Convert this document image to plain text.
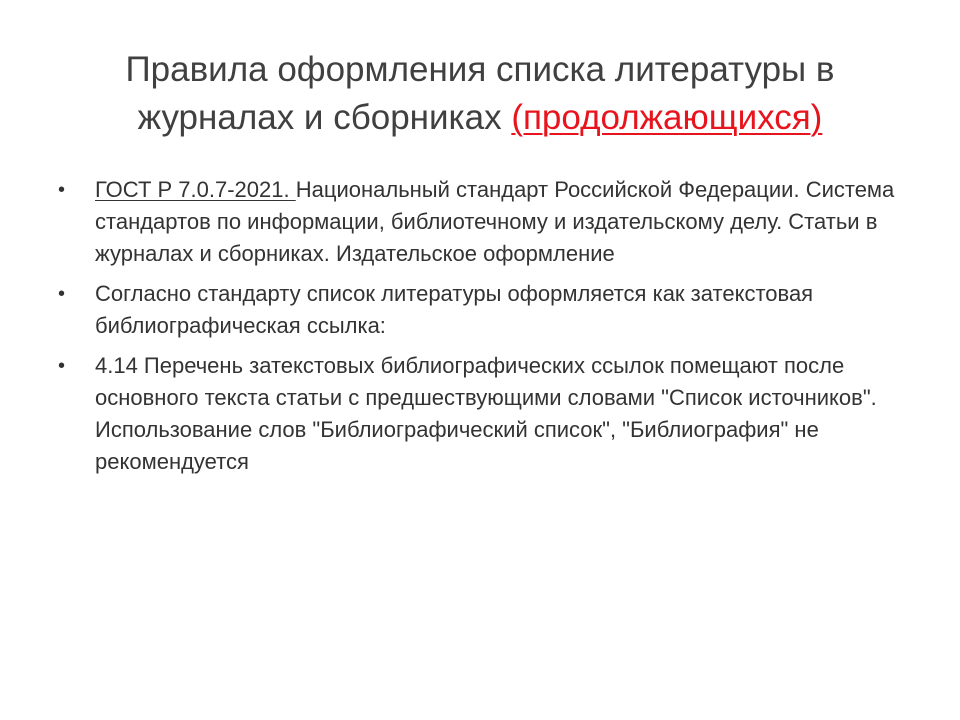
Правила оформления списка литературы в
журналах и сборниках (продолжающихся)
• ГОСТ Р 7.0.7-2021. Национальный стандарт Российской Федерации. Система стандартов по информации, библиотечному и издательскому делу. Статьи в журналах и сборниках. Издательское оформление
• Согласно стандарту список литературы оформляется как затекстовая библиографическая ссылка:
• 4.14 Перечень затекстовых библиографических ссылок помещают после основного текста статьи с предшествующими словами "Список источников". Использование слов "Библиографический список", "Библиография" не рекомендуется
